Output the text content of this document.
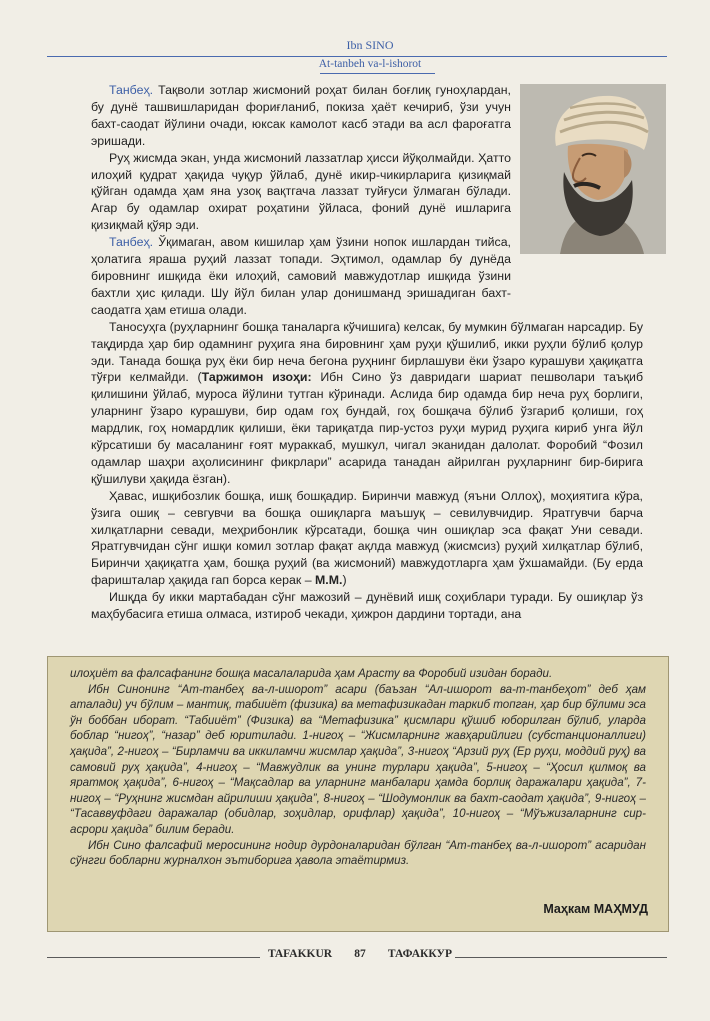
Ibn SINO
At-tanbeh va-l-ishorot

Танбеҳ. Тақволи зотлар жисмоний роҳат билан боғлиқ гуноҳлардан, бу дунё ташвишларидан фориғланиб, покиза ҳаёт кечириб, ўзи учун бахт-саодат йўлини очади, юксак камолот касб этади ва асл фароғатга эришади.

Руҳ жисмда экан, унда жисмоний лаззатлар ҳисси йўқолмайди. Ҳатто илоҳий қудрат ҳақида чуқур ўйлаб, дунё икир-чикирларига қизиқмай қўйган одамда ҳам яна узоқ вақтгача лаззат туйғуси ўлмаган бўлади. Агар бу одамлар охират роҳатини ўйласа, фоний дунё ишларига қизиқмай қўяр эди.

Танбеҳ. Ўқимаган, авом кишилар ҳам ўзини нопок ишлардан тийса, ҳолатига яраша руҳий лаззат топади. Эҳтимол, одамлар бу дунёда бировнинг ишқида ёки илоҳий, самовий мавжудотлар ишқида ўзини бахтли ҳис қилади. Шу йўл билан улар донишманд эришадиган бахт-саодатга ҳам етиша олади.

Таносуҳга (руҳларнинг бошқа таналарга кўчишига) келсак, бу мумкин бўлмаган нарсадир. Бу тақдирда ҳар бир одамнинг руҳига яна бировнинг ҳам руҳи қўшилиб, икки руҳли бўлиб қолур эди. Танада бошқа руҳ ёки бир неча бегона руҳнинг бирлашуви ёки ўзаро курашуви ҳақиқатга тўғри келмайди. (Таржимон изоҳи: Ибн Сино ўз давридаги шариат пешволари таъқиб қилишини ўйлаб, муроса йўлини тутган кўринади. Аслида бир одамда бир неча руҳ борлиги, уларнинг ўзаро курашуви, бир одам гоҳ бундай, гоҳ бошқача бўлиб ўзгариб қолиши, гоҳ мардлик, гоҳ номардлик қилиши, ёки тариқатда пир-устоз руҳи мурид руҳига кириб унга йўл кўрсатиши бу масаланинг ғоят мураккаб, мушкул, чигал эканидан далолат. Форобий “Фозил одамлар шаҳри аҳолисининг фикрлари” асарида танадан айрилган руҳларнинг бир-бирига қўшилуви ҳақида ёзган).

Ҳавас, ишқибозлик бошқа, ишқ бошқадир. Биринчи мавжуд (яъни Оллоҳ), моҳиятига кўра, ўзига ошиқ – севгувчи ва бошқа ошиқларга маъшуқ – севилувчидир. Яратгувчи барча хилқатларни севади, меҳрибонлик кўрсатади, бошқа чин ошиқлар эса фақат Уни севади. Яратгувчидан сўнг ишқи комил зотлар фақат ақлда мавжуд (жисмсиз) руҳий хилқатлар бўлиб, Биринчи ҳақиқатга ҳам, бошқа руҳий (ва жисмоний) мавжудотларга ҳам ўхшамайди. (Бу ерда фаришталар ҳақида гап борса керак – М.М.)

Ишқда бу икки мартабадан сўнг мажозий – дунёвий ишқ соҳиблари туради. Бу ошиқлар ўз маҳбубасига етиша олмаса, изтироб чекади, ҳижрон дардини тортади, ана

илоҳиёт ва фалсафанинг бошқа масалаларида ҳам Арасту ва Форобий изидан боради.

Ибн Синонинг “Ат-танбеҳ ва-л-ишорот” асари (баъзан “Ал-ишорот ва-т-танбеҳот” деб ҳам аталади) уч бўлим – мантиқ, табииёт (физика) ва метафизикадан таркиб топган, ҳар бир бўлими эса ўн боббан иборат. “Табииёт” (Физика) ва “Метафизика” қисмлари қўшиб юборилган бўлиб, уларда боблар “нигоҳ”, “назар” деб юритилади. 1-нигоҳ – “Жисмларнинг жавҳарийлиги (субстанционаллиги) ҳақида”, 2-нигоҳ – “Бирламчи ва иккиламчи жисмлар ҳақида”, 3-нигоҳ “Арзий руҳ (Ер руҳи, моддий руҳ) ва самовий руҳ ҳақида”, 4-нигоҳ – “Мавжудлик ва унинг турлари ҳақида”, 5-нигоҳ – “Ҳосил қилмоқ ва яратмоқ ҳақида”, 6-нигоҳ – “Мақсадлар ва уларнинг манбалари ҳамда борлиқ даражалари ҳақида”, 7-нигоҳ – “Руҳнинг жисмдан айрилиши ҳақида”, 8-нигоҳ – “Шодумонлик ва бахт-саодат ҳақида”, 9-нигоҳ – “Тасаввуфдаги даражалар (обидлар, зоҳидлар, орифлар) ҳақида”, 10-нигоҳ – “Мўъжизаларнинг сир-асрори ҳақида” билим беради.

Ибн Сино фалсафий меросининг нодир дурдоналаридан бўлган “Ат-танбеҳ ва-л-ишорот” асаридан сўнгги бобларни журналхон эътиборига ҳавола этаётирмиз.

Маҳкам МАҲМУД
TAFAKKUR 87 ТАФАККУР
